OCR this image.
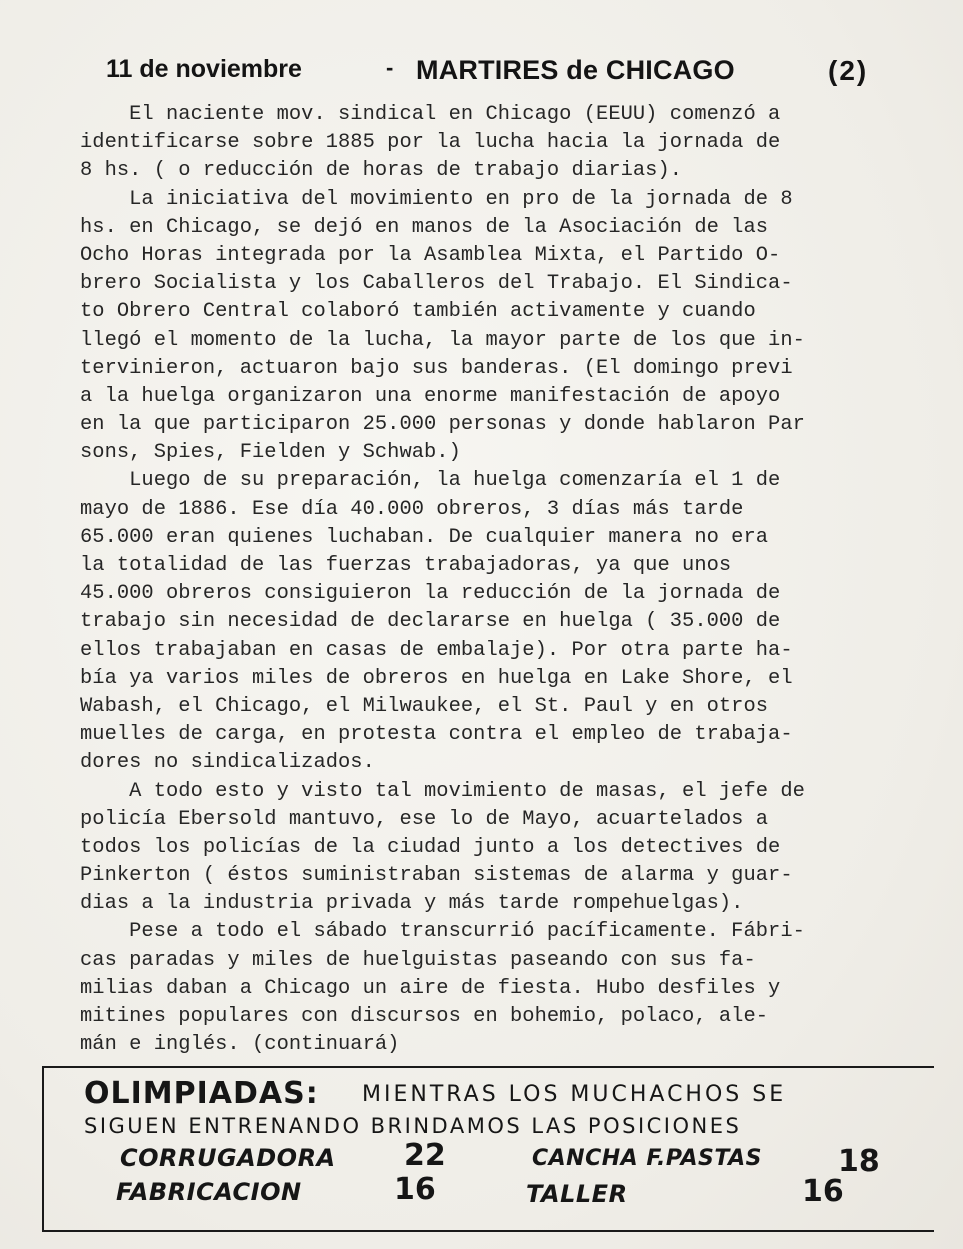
11 de noviembre	- MARTIRES de CHICAGO	(2)
El naciente mov. sindical en Chicago (EEUU) comenzó a
identificarse sobre 1885 por la lucha hacia la jornada de
8 hs. ( o reducción de horas de trabajo diarias).
La iniciativa del movimiento en pro de la jornada de 8
hs. en Chicago, se dejó en manos de la Asociación de las
Ocho Horas integrada por la Asamblea Mixta, el Partido O-
brero Socialista y los Caballeros del Trabajo. El Sindica-
to Obrero Central colaboró también activamente y cuando
llegó el momento de la lucha, la mayor parte de los que in-
tervinieron, actuaron bajo sus banderas. (El domingo previ
a la huelga organizaron una enorme manifestación de apoyo
en la que participaron 25.000 personas y donde hablaron Par
sons, Spies, Fielden y Schwab.)
Luego de su preparación, la huelga comenzaría el 1 de
mayo de 1886. Ese día 40.000 obreros, 3 días más tarde
65.000 eran quienes luchaban. De cualquier manera no era
la totalidad de las fuerzas trabajadoras, ya que unos
45.000 obreros consiguieron la reducción de la jornada de
trabajo sin necesidad de declararse en huelga ( 35.000 de
ellos trabajaban en casas de embalaje). Por otra parte ha-
bía ya varios miles de obreros en huelga en Lake Shore, el
Wabash, el Chicago, el Milwaukee, el St. Paul y en otros
muelles de carga, en protesta contra el empleo de trabaja-
dores no sindicalizados.
A todo esto y visto tal movimiento de masas, el jefe de
policía Ebersold mantuvo, ese lo de Mayo, acuartelados a
todos los policías de la ciudad junto a los detectives de
Pinkerton ( éstos suministraban sistemas de alarma y guar-
dias a la industria privada y más tarde rompehuelgas).
Pese a todo el sábado transcurrió pacíficamente. Fábri-
cas paradas y miles de huelguistas paseando con sus fa-
milias daban a Chicago un aire de fiesta. Hubo desfiles y
mitines populares con discursos en bohemio, polaco, ale-
mán e inglés. (continuará)
OLIMPIADAS: MIENTRAS LOS MUCHACHOS SE
SIGUEN ENTRENANDO BRINDAMOS LAS POSICIONES
CORRUGADORA 22	CANCHA F.PASTAS	18
FABRICACION	16	TALLER	16
